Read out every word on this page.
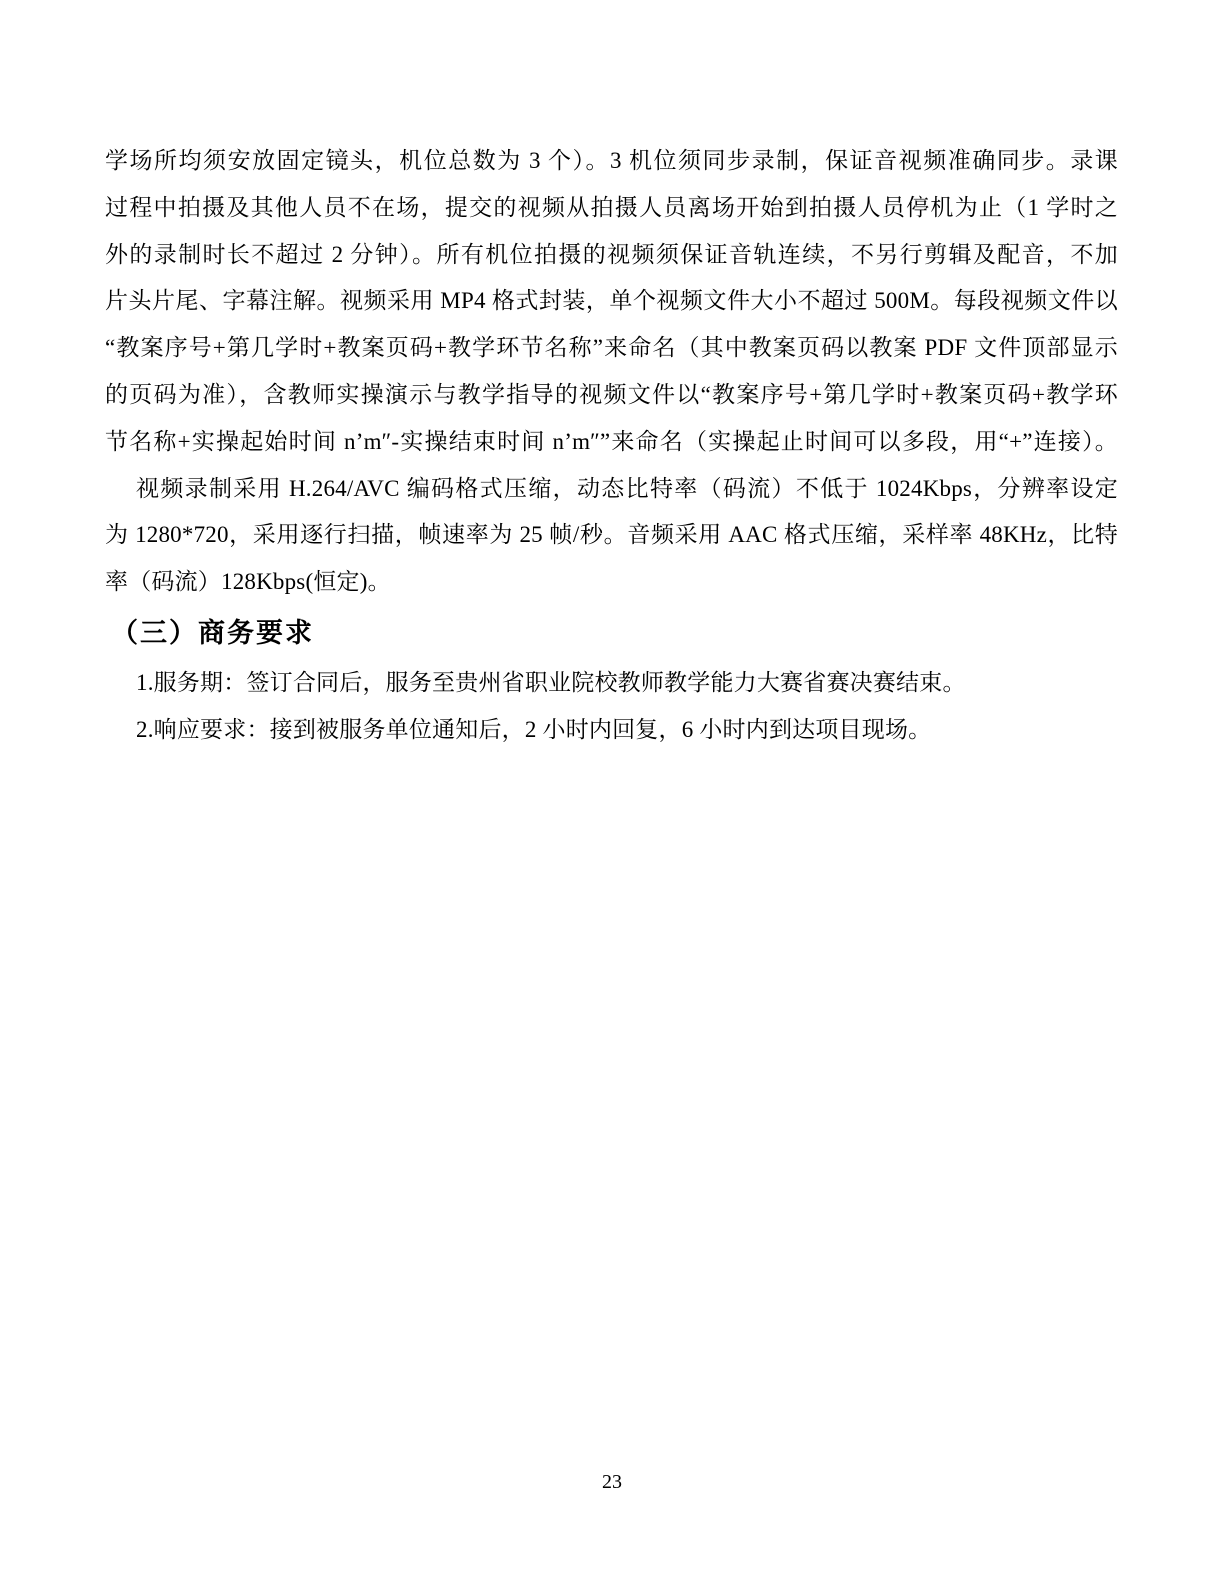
学场所均须安放固定镜头，机位总数为 3 个）。3 机位须同步录制，保证音视频准确同步。录课
过程中拍摄及其他人员不在场，提交的视频从拍摄人员离场开始到拍摄人员停机为止（1 学时之
外的录制时长不超过 2 分钟）。所有机位拍摄的视频须保证音轨连续，不另行剪辑及配音，不加
片头片尾、字幕注解。视频采用 MP4 格式封装，单个视频文件大小不超过 500M。每段视频文件以
“教案序号+第几学时+教案页码+教学环节名称”来命名（其中教案页码以教案 PDF 文件顶部显示
的页码为准），含教师实操演示与教学指导的视频文件以“教案序号+第几学时+教案页码+教学环
节名称+实操起始时间 n’m″-实操结束时间 n’m″”来命名（实操起止时间可以多段，用“+”连接）。
视频录制采用 H.264/AVC 编码格式压缩，动态比特率（码流）不低于 1024Kbps，分辨率设定
为 1280*720，采用逐行扫描，帧速率为 25 帧/秒。音频采用 AAC 格式压缩，采样率 48KHz，比特
率（码流）128Kbps(恒定)。
（三）商务要求
1.服务期：签订合同后，服务至贵州省职业院校教师教学能力大赛省赛决赛结束。
2.响应要求：接到被服务单位通知后，2 小时内回复，6 小时内到达项目现场。
23
